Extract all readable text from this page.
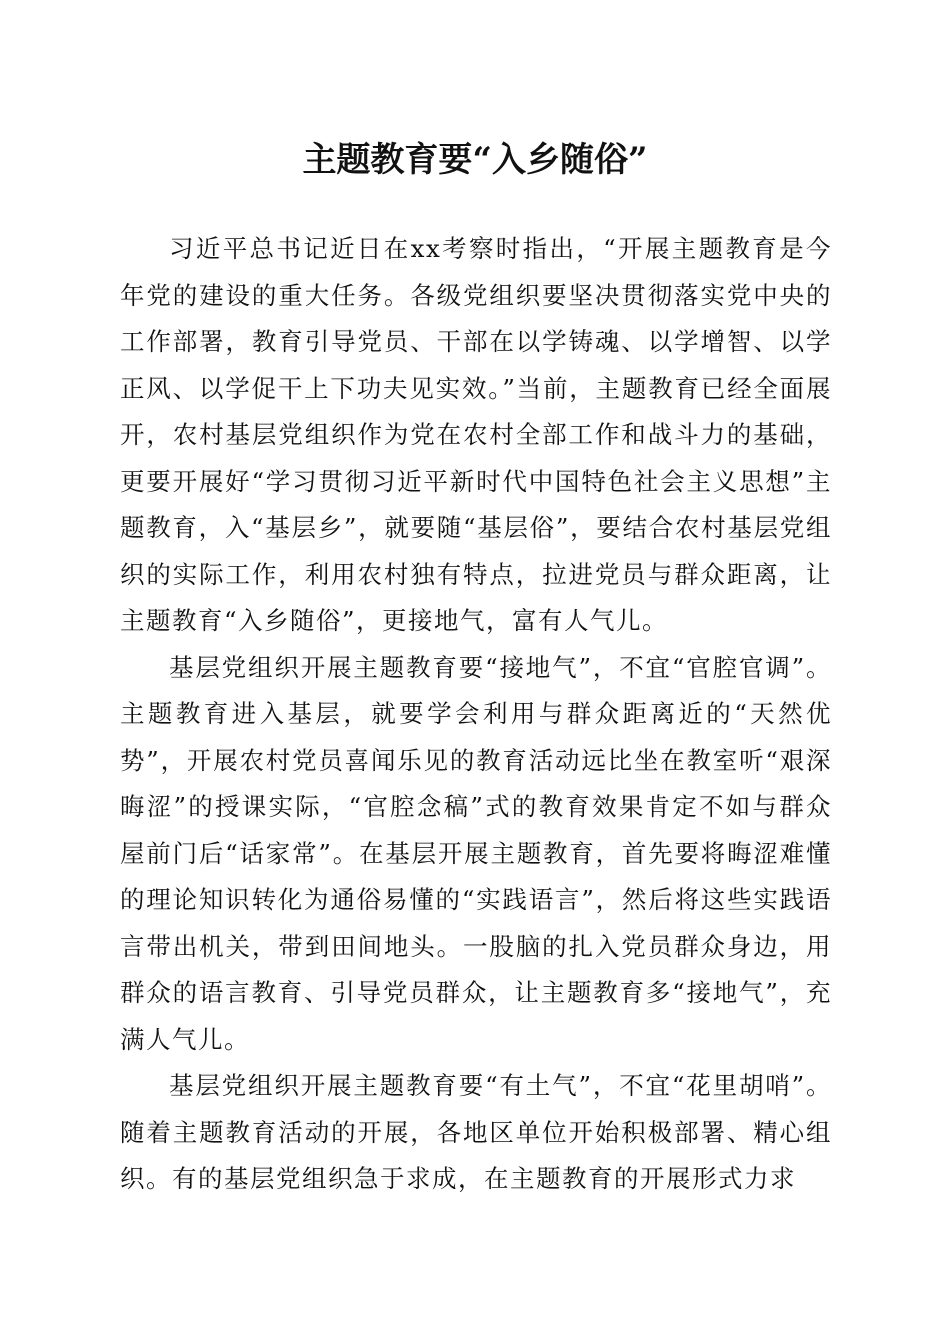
主题教育要“入乡随俗”

习近平总书记近日在xx考察时指出，“开展主题教育是今年党的建设的重大任务。各级党组织要坚决贯彻落实党中央的工作部署，教育引导党员、干部在以学铸魂、以学增智、以学正风、以学促干上下功夫见实效。”当前，主题教育已经全面展开，农村基层党组织作为党在农村全部工作和战斗力的基础，更要开展好“学习贯彻习近平新时代中国特色社会主义思想”主题教育，入“基层乡”，就要随“基层俗”，要结合农村基层党组织的实际工作，利用农村独有特点，拉进党员与群众距离，让主题教育“入乡随俗”，更接地气，富有人气儿。

基层党组织开展主题教育要“接地气”，不宜“官腔官调”。主题教育进入基层，就要学会利用与群众距离近的“天然优势”，开展农村党员喜闻乐见的教育活动远比坐在教室听“艰深晦涩”的授课实际，“官腔念稿”式的教育效果肯定不如与群众屋前门后“话家常”。在基层开展主题教育，首先要将晦涩难懂的理论知识转化为通俗易懂的“实践语言”，然后将这些实践语言带出机关，带到田间地头。一股脑的扎入党员群众身边，用群众的语言教育、引导党员群众，让主题教育多“接地气”，充满人气儿。

基层党组织开展主题教育要“有土气”，不宜“花里胡哨”。随着主题教育活动的开展，各地区单位开始积极部署、精心组织。有的基层党组织急于求成，在主题教育的开展形式力求
